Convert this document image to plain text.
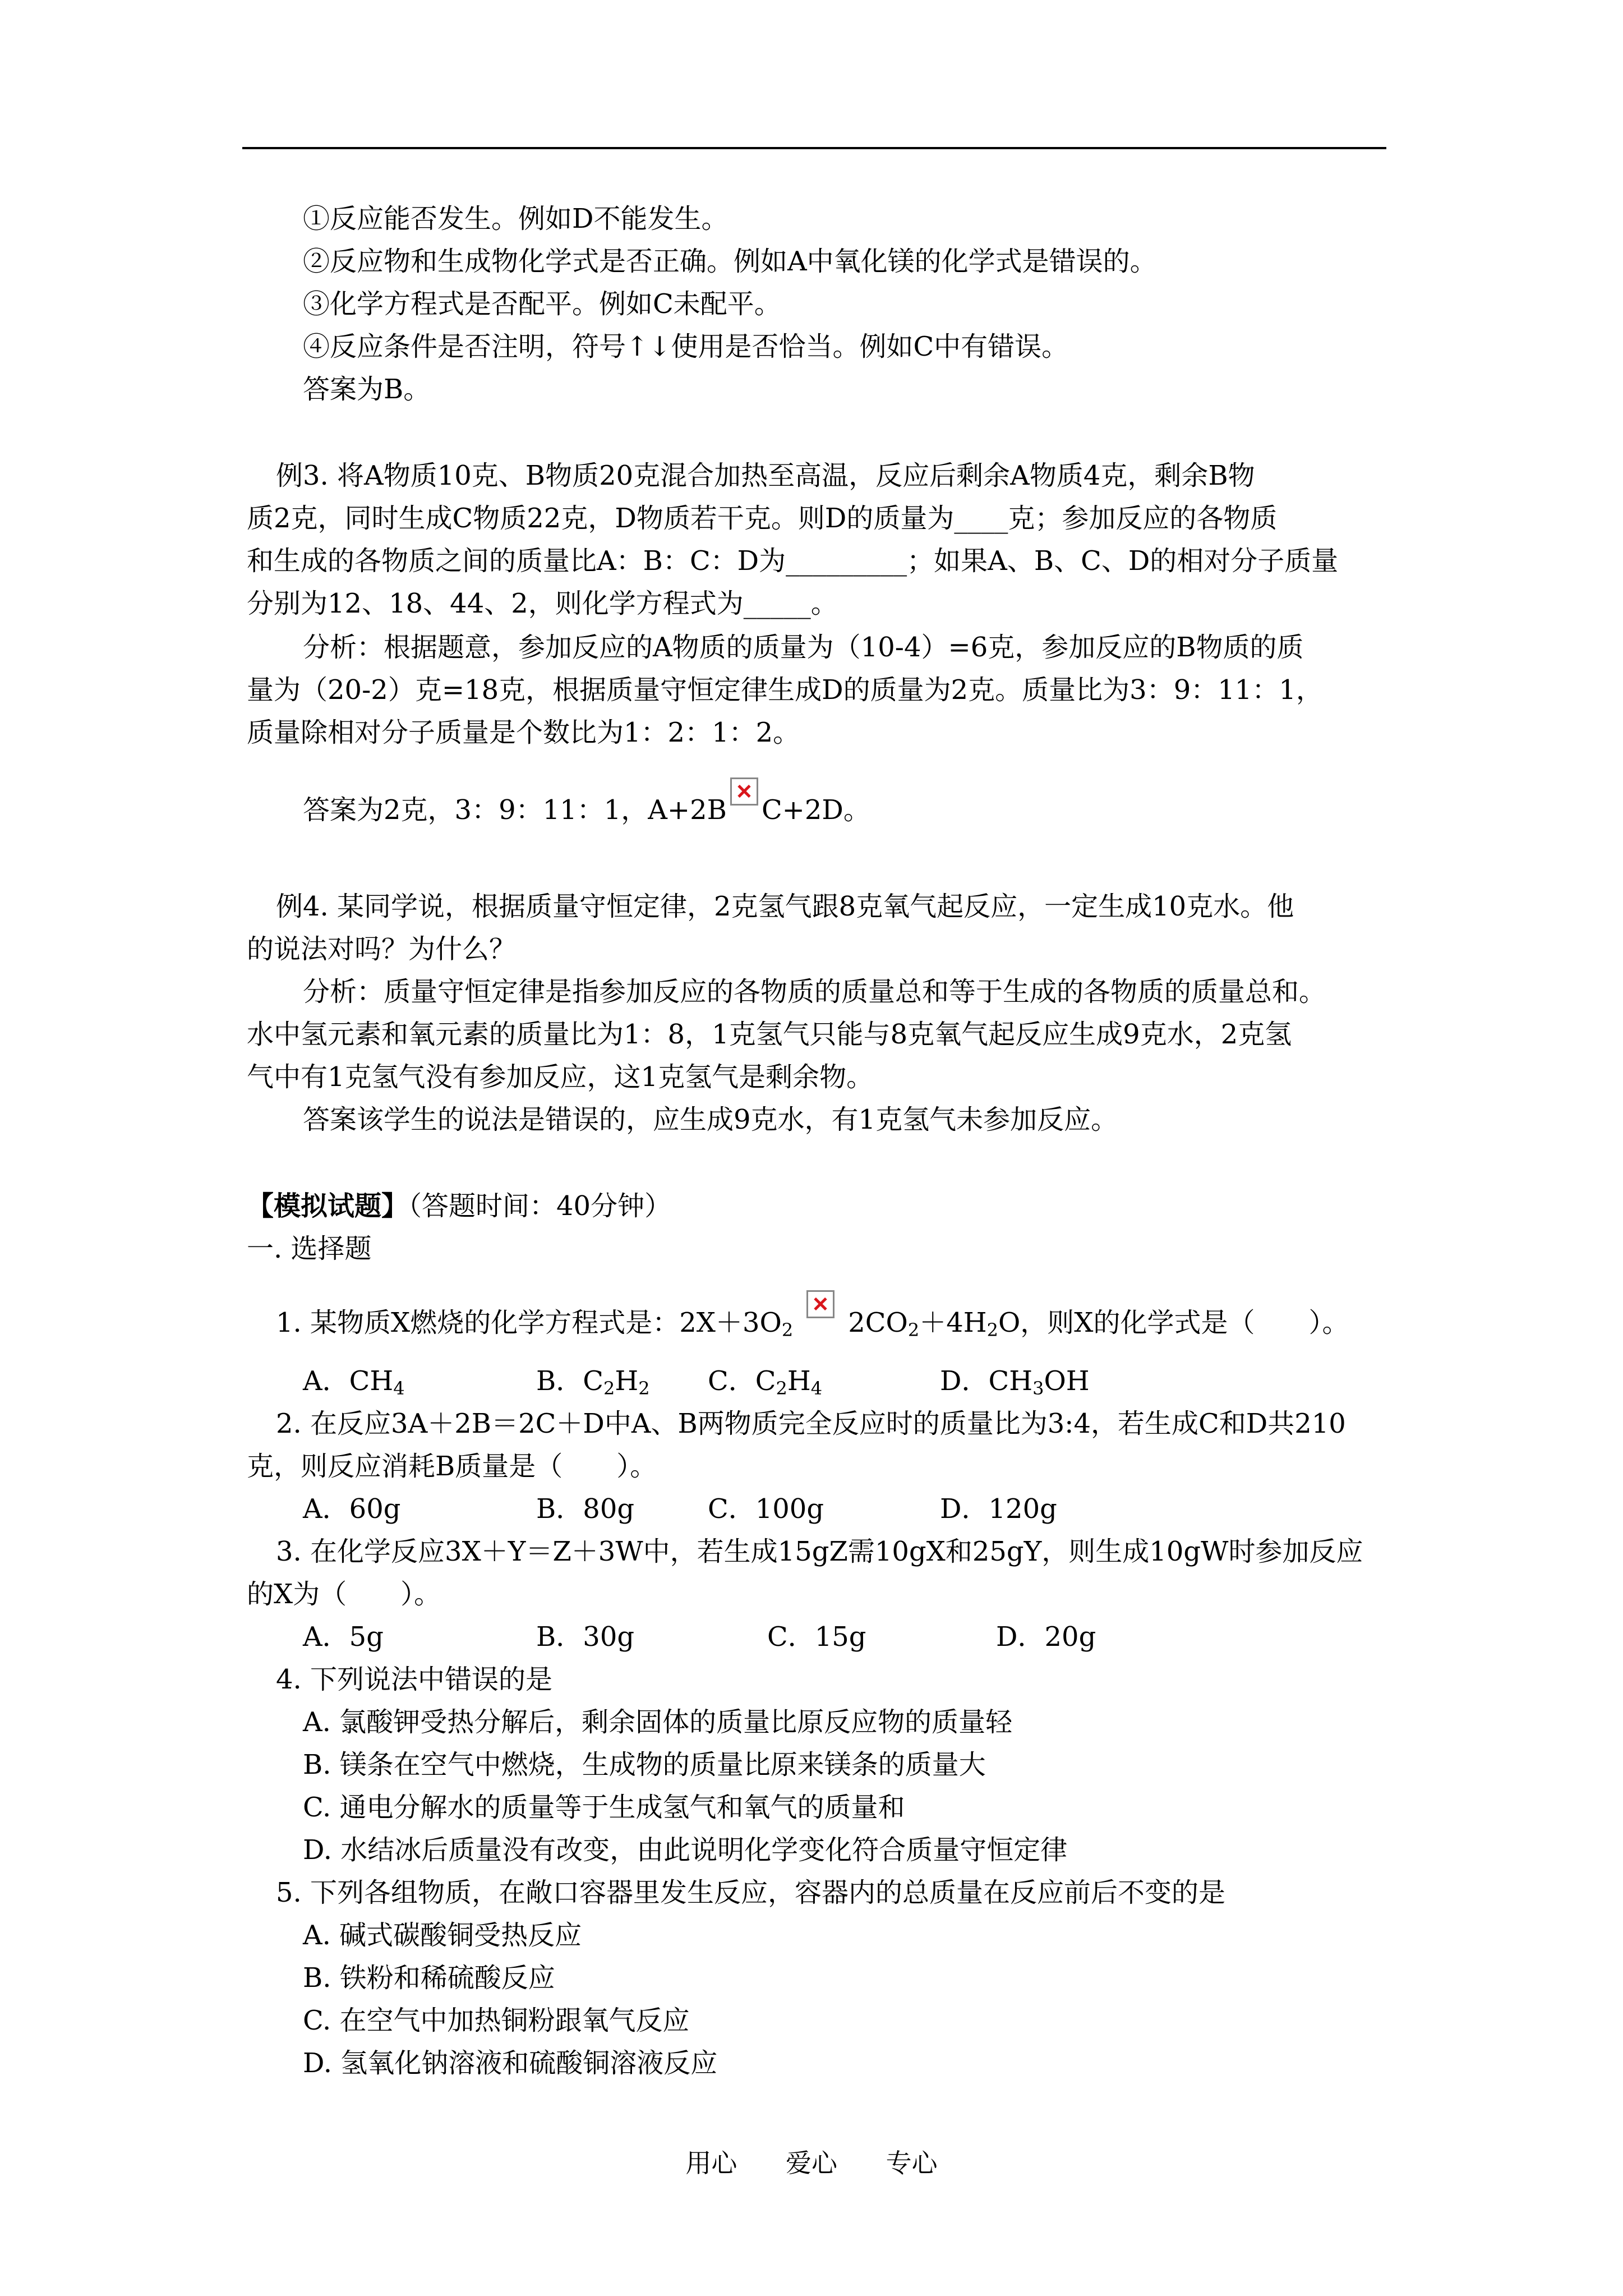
①反应能否发生。例如D不能发生。
②反应物和生成物化学式是否正确。例如A中氧化镁的化学式是错误的。
③化学方程式是否配平。例如C未配平。
④反应条件是否注明，符号↑↓使用是否恰当。例如C中有错误。
答案为B。
例3. 将A物质10克、B物质20克混合加热至高温，反应后剩余A物质4克，剩余B物
质2克，同时生成C物质22克，D物质若干克。则D的质量为____克；参加反应的各物质
和生成的各物质之间的质量比A：B：C：D为_________；如果A、B、C、D的相对分子质量
分别为12、18、44、2，则化学方程式为_____。
分析：根据题意，参加反应的A物质的质量为（10-4）=6克，参加反应的B物质的质
量为（20-2）克=18克，根据质量守恒定律生成D的质量为2克。质量比为3：9：11：1，
质量除相对分子质量是个数比为1：2：1：2。
答案为2克，3：9：11：1，A+2B C+2D。
例4. 某同学说，根据质量守恒定律，2克氢气跟8克氧气起反应，一定生成10克水。他
的说法对吗？为什么？
分析：质量守恒定律是指参加反应的各物质的质量总和等于生成的各物质的质量总和。
水中氢元素和氧元素的质量比为1：8，1克氢气只能与8克氧气起反应生成9克水，2克氢
气中有1克氢气没有参加反应，这1克氢气是剩余物。
答案该学生的说法是错误的，应生成9克水，有1克氢气未参加反应。
【模拟试题】（答题时间：40分钟）
一. 选择题
1. 某物质X燃烧的化学方程式是：$2X+3O_2$ $2CO_2+4H_2O$，则X的化学式是（　　）。
A．$CH_4$	B．$C_2H_2$ C．$C_2H_4$	D．$CH_3OH$
2. 在反应3A＋2B＝2C＋D中A、B两物质完全反应时的质量比为3:4，若生成C和D共210
克，则反应消耗B质量是（　　）。
A．60g	B．80g	C．100g	D．120g
3. 在化学反应3X＋Y＝Z＋3W中，若生成15gZ需10gX和25gY，则生成10gW时参加反应
的X为（　　）。
A．5g	B．30g	C．15g	D．20g
4. 下列说法中错误的是
A. 氯酸钾受热分解后，剩余固体的质量比原反应物的质量轻
B. 镁条在空气中燃烧，生成物的质量比原来镁条的质量大
C. 通电分解水的质量等于生成氢气和氧气的质量和
D. 水结冰后质量没有改变，由此说明化学变化符合质量守恒定律
5. 下列各组物质，在敞口容器里发生反应，容器内的总质量在反应前后不变的是
A. 碱式碳酸铜受热反应
B. 铁粉和稀硫酸反应
C. 在空气中加热铜粉跟氧气反应
D. 氢氧化钠溶液和硫酸铜溶液反应
用心 爱心 专心
